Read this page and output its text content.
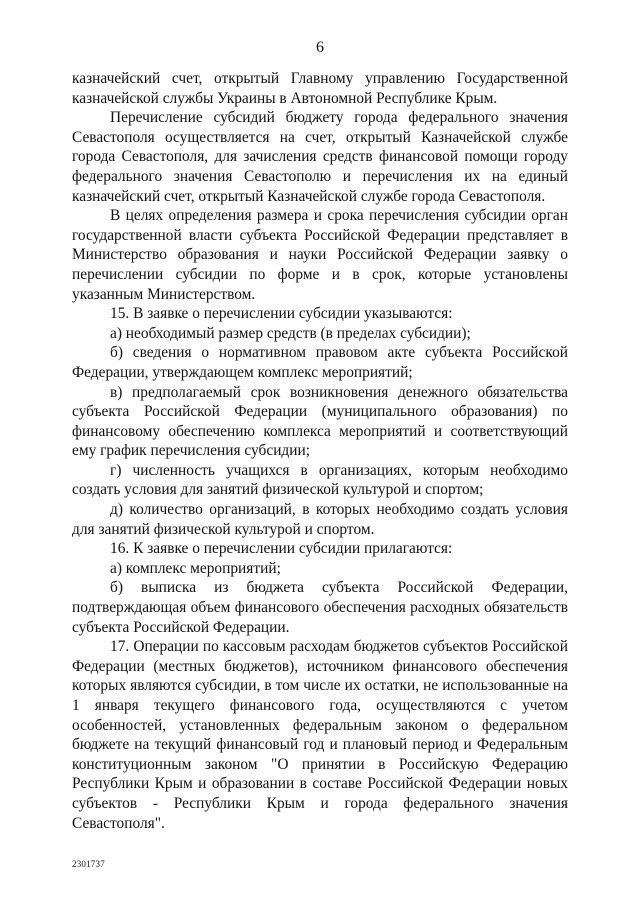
6

казначейский счет, открытый Главному управлению Государственной казначейской службы Украины в Автономной Республике Крым.

Перечисление субсидий бюджету города федерального значения Севастополя осуществляется на счет, открытый Казначейской службе города Севастополя, для зачисления средств финансовой помощи городу федерального значения Севастополю и перечисления их на единый казначейский счет, открытый Казначейской службе города Севастополя.

В целях определения размера и срока перечисления субсидии орган государственной власти субъекта Российской Федерации представляет в Министерство образования и науки Российской Федерации заявку о перечислении субсидии по форме и в срок, которые установлены указанным Министерством.

15. В заявке о перечислении субсидии указываются:

а) необходимый размер средств (в пределах субсидии);

б) сведения о нормативном правовом акте субъекта Российской Федерации, утверждающем комплекс мероприятий;

в) предполагаемый срок возникновения денежного обязательства субъекта Российской Федерации (муниципального образования) по финансовому обеспечению комплекса мероприятий и соответствующий ему график перечисления субсидии;

г) численность учащихся в организациях, которым необходимо создать условия для занятий физической культурой и спортом;

д) количество организаций, в которых необходимо создать условия для занятий физической культурой и спортом.

16. К заявке о перечислении субсидии прилагаются:

а) комплекс мероприятий;

б) выписка из бюджета субъекта Российской Федерации, подтверждающая объем финансового обеспечения расходных обязательств субъекта Российской Федерации.

17. Операции по кассовым расходам бюджетов субъектов Российской Федерации (местных бюджетов), источником финансового обеспечения которых являются субсидии, в том числе их остатки, не использованные на 1 января текущего финансового года, осуществляются с учетом особенностей, установленных федеральным законом о федеральном бюджете на текущий финансовый год и плановый период и Федеральным конституционным законом "О принятии в Российскую Федерацию Республики Крым и образовании в составе Российской Федерации новых субъектов - Республики Крым и города федерального значения Севастополя".

2301737
